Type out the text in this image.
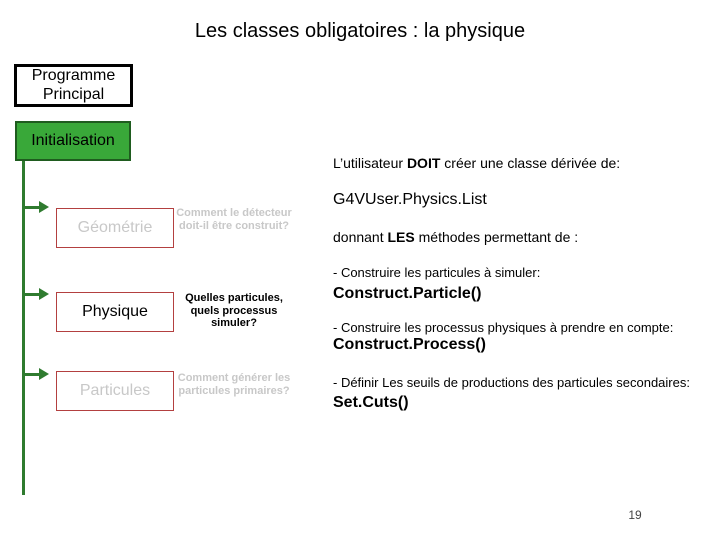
Les classes obligatoires : la physique
Programme
Principal
Initialisation
Géométrie
Physique
Particules
Comment le détecteur doit-il être construit?
Quelles particules, quels processus simuler?
Comment générer les particules primaires?
L’utilisateur DOIT créer une classe dérivée de:
G4VUser.Physics.List
donnant LES méthodes permettant de :
- Construire les particules à simuler:
Construct.Particle()
- Construire les processus physiques à prendre en compte:
Construct.Process()
- Définir Les seuils de productions des particules secondaires:
Set.Cuts()
19
